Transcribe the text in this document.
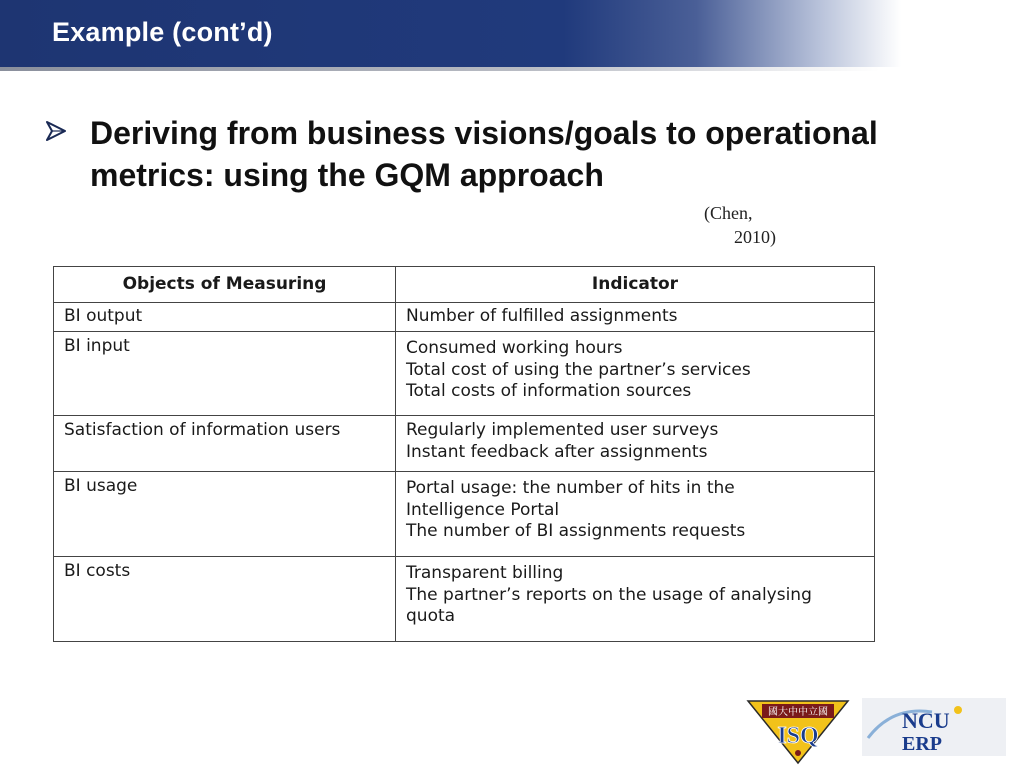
Example (cont’d)
Deriving from business visions/goals to operational metrics: using the GQM approach
(Chen,
2010)
Objects of Measuring	Indicator
BI output	Number of fulfilled assignments

BI input	Consumed working hours
Total cost of using the partner’s services
Total costs of information sources

Satisfaction of information users	Regularly implemented user surveys
Instant feedback after assignments

BI usage	Portal usage: the number of hits in the
Intelligence Portal
The number of BI assignments requests

BI costs	Transparent billing
The partner’s reports on the usage of analysing
quota
國大中中立國
ISQ
NCU
ERP
